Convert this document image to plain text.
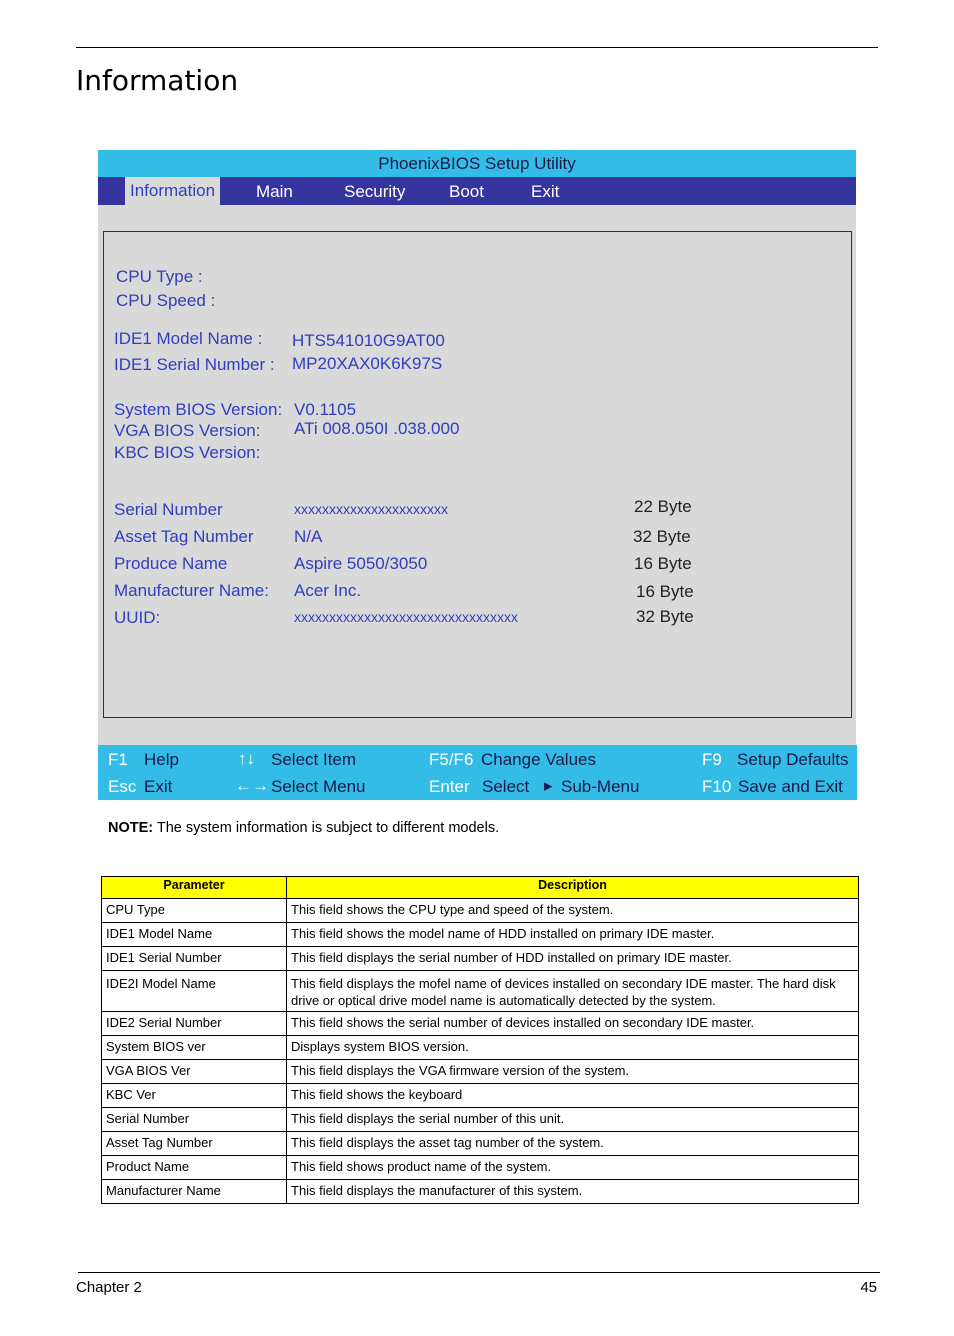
Information
PhoenixBIOS Setup Utility
Information Main	Security	Boot	Exit
CPU Type :
CPU Speed :
IDE1 Model Name : HTS541010G9AT00
IDE1 Serial Number : MP20XAX0K6K97S
System BIOS Version: V0.1105
VGA BIOS Version: ATi 008.050I .038.000
KBC BIOS Version:
Serial Number	xxxxxxxxxxxxxxxxxxxxxx	22 Byte
Asset Tag Number N/A	32 Byte
Produce Name	Aspire 5050/3050	16 Byte
Manufacturer Name: Acer Inc.	16 Byte
UUID:	xxxxxxxxxxxxxxxxxxxxxxxxxxxxxxxx	32 Byte
F1 Help	↑↓ Select Item	F5/F6 Change Values	F9 Setup Defaults
Esc Exit	←→ Select Menu	Enter Select ▸ Sub-Menu	F10 Save and Exit
NOTE: The system information is subject to different models.
Parameter	Description
CPU Type	This field shows the CPU type and speed of the system.
IDE1 Model Name	This field shows the model name of HDD installed on primary IDE master.
IDE1 Serial Number	This field displays the serial number of HDD installed on primary IDE master.
IDE2I Model Name	This field displays the mofel name of devices installed on secondary IDE master. The hard disk drive or optical drive model name is automatically detected by the system.
IDE2 Serial Number	This field shows the serial number of devices installed on secondary IDE master.
System BIOS ver	Displays system BIOS version.
VGA BIOS Ver	This field displays the VGA firmware version of the system.
KBC Ver	This field shows the keyboard
Serial Number	This field displays the serial number of this unit.
Asset Tag Number	This field displays the asset tag number of the system.
Product Name	This field shows product name of the system.
Manufacturer Name	This field displays the manufacturer of this system.
Chapter 2	45
